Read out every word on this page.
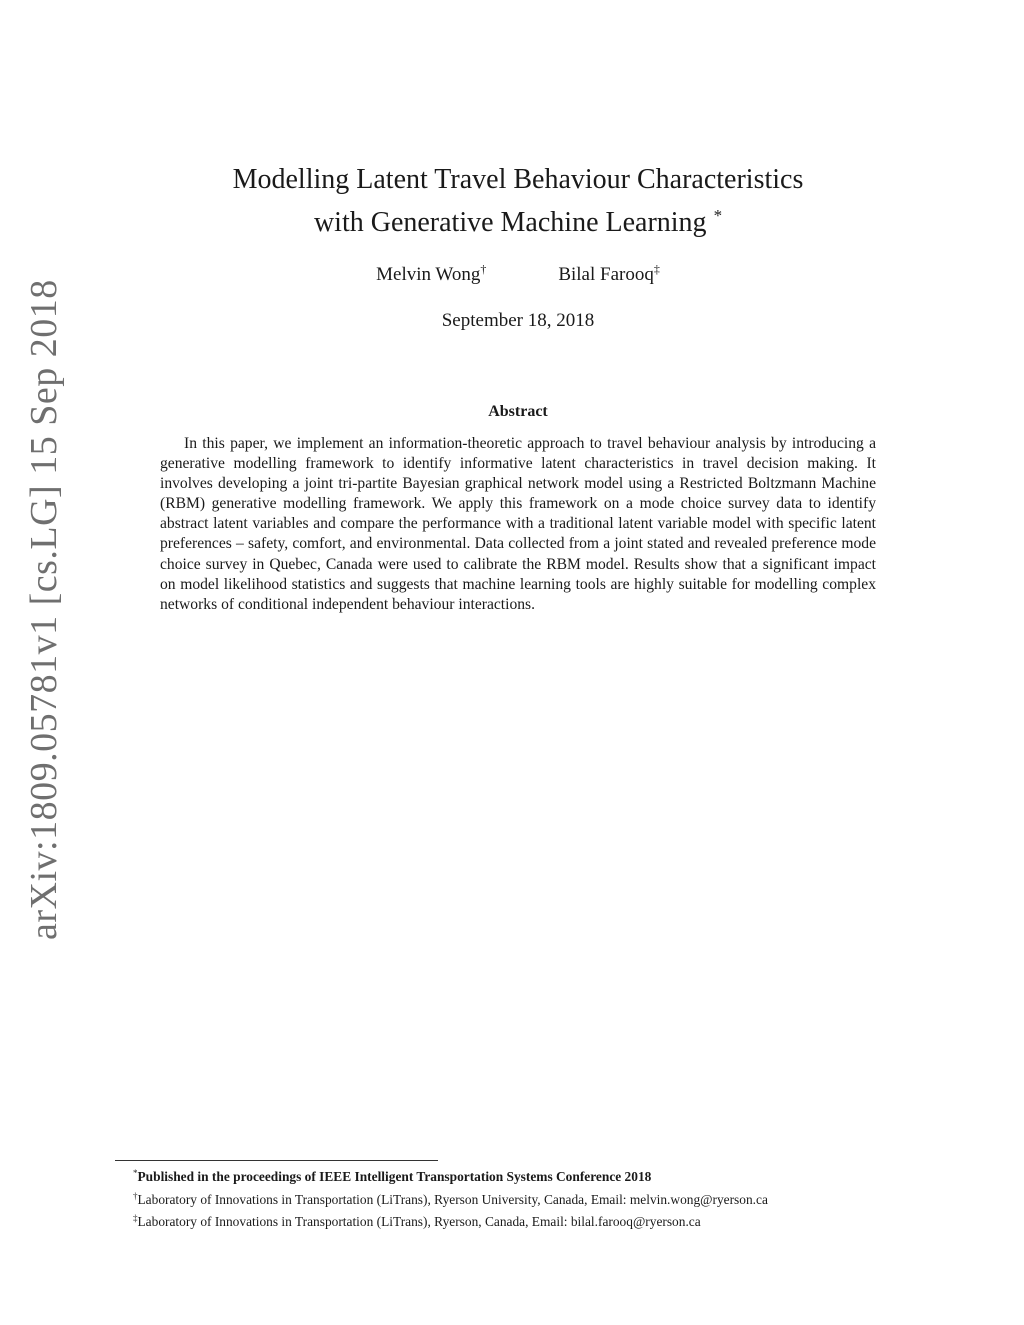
arXiv:1809.05781v1 [cs.LG] 15 Sep 2018
Modelling Latent Travel Behaviour Characteristics
with Generative Machine Learning *
Melvin Wong†	Bilal Farooq‡
September 18, 2018
Abstract

In this paper, we implement an information-theoretic approach to travel behaviour analysis by introducing a generative modelling framework to identify informative latent characteristics in travel decision making. It involves developing a joint tri-partite Bayesian graphical network model using a Restricted Boltzmann Machine (RBM) generative modelling framework. We apply this framework on a mode choice survey data to identify abstract latent variables and compare the performance with a traditional latent variable model with specific latent preferences – safety, comfort, and environmental. Data collected from a joint stated and revealed preference mode choice survey in Quebec, Canada were used to calibrate the RBM model. Results show that a significant impact on model likelihood statistics and suggests that machine learning tools are highly suitable for modelling complex networks of conditional independent behaviour interactions.

*Published in the proceedings of IEEE Intelligent Transportation Systems Conference 2018
†Laboratory of Innovations in Transportation (LiTrans), Ryerson University, Canada, Email: melvin.wong@ryerson.ca
‡Laboratory of Innovations in Transportation (LiTrans), Ryerson, Canada, Email: bilal.farooq@ryerson.ca
